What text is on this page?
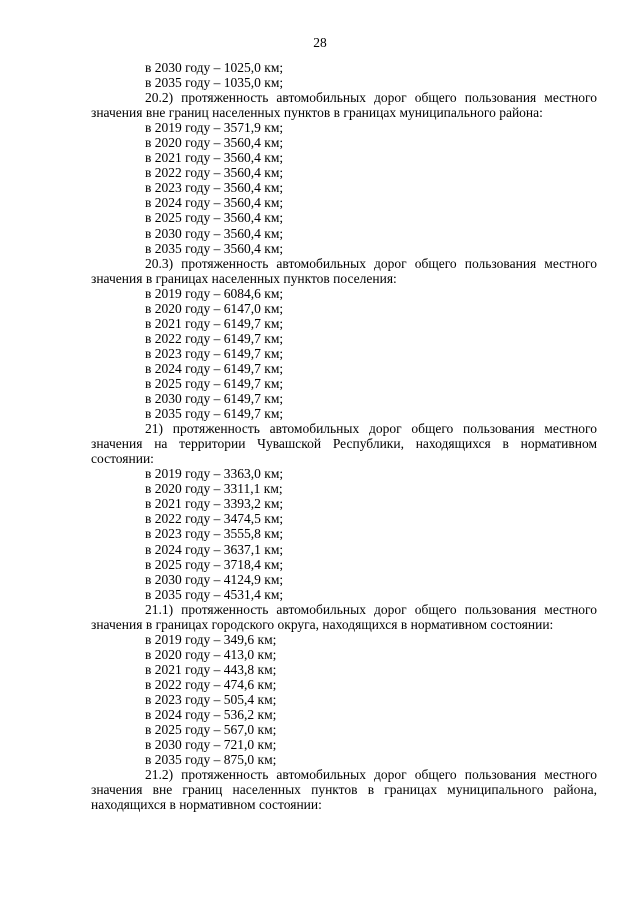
28
в 2030 году – 1025,0 км;
в 2035 году – 1035,0 км;
20.2) протяженность автомобильных дорог общего пользования местного значения вне границ населенных пунктов в границах муниципального района:
в 2019 году – 3571,9 км;
в 2020 году – 3560,4 км;
в 2021 году – 3560,4 км;
в 2022 году – 3560,4 км;
в 2023 году – 3560,4 км;
в 2024 году – 3560,4 км;
в 2025 году – 3560,4 км;
в 2030 году – 3560,4 км;
в 2035 году – 3560,4 км;
20.3) протяженность автомобильных дорог общего пользования местного значения в границах населенных пунктов поселения:
в 2019 году – 6084,6 км;
в 2020 году – 6147,0 км;
в 2021 году – 6149,7 км;
в 2022 году – 6149,7 км;
в 2023 году – 6149,7 км;
в 2024 году – 6149,7 км;
в 2025 году – 6149,7 км;
в 2030 году – 6149,7 км;
в 2035 году – 6149,7 км;
21) протяженность автомобильных дорог общего пользования местного значения на территории Чувашской Республики, находящихся в нормативном состоянии:
в 2019 году – 3363,0 км;
в 2020 году – 3311,1 км;
в 2021 году – 3393,2 км;
в 2022 году – 3474,5 км;
в 2023 году – 3555,8 км;
в 2024 году – 3637,1 км;
в 2025 году – 3718,4 км;
в 2030 году – 4124,9 км;
в 2035 году – 4531,4 км;
21.1) протяженность автомобильных дорог общего пользования местного значения в границах городского округа, находящихся в нормативном состоянии:
в 2019 году – 349,6 км;
в 2020 году – 413,0 км;
в 2021 году – 443,8 км;
в 2022 году – 474,6 км;
в 2023 году – 505,4 км;
в 2024 году – 536,2 км;
в 2025 году – 567,0 км;
в 2030 году – 721,0 км;
в 2035 году – 875,0 км;
21.2) протяженность автомобильных дорог общего пользования местного значения вне границ населенных пунктов в границах муниципального района, находящихся в нормативном состоянии:
